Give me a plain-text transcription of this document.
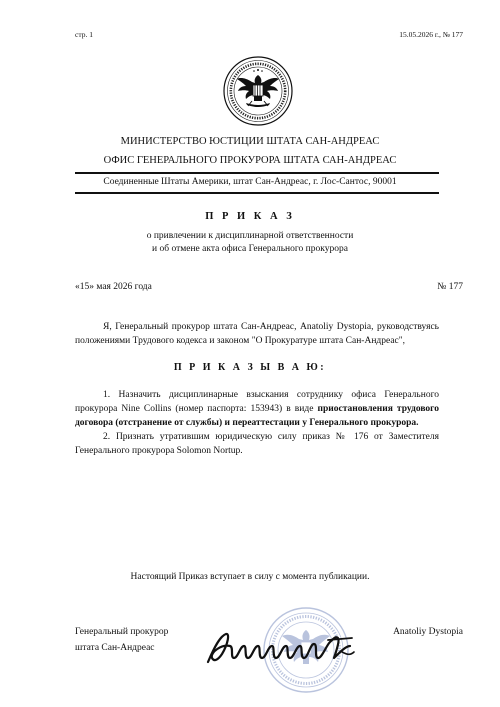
стр. 1	15.05.2026 г., № 177
МИНИСТЕРСТВО ЮСТИЦИИ ШТАТА САН-АНДРЕАС
ОФИС ГЕНЕРАЛЬНОГО ПРОКУРОРА ШТАТА САН-АНДРЕАС
Соединенные Штаты Америки, штат Сан-Андреас, г. Лос-Сантос, 90001
П Р И К А З
о привлечении к дисциплинарной ответственности
и об отмене акта офиса Генерального прокурора
«15» мая 2026 года	№ 177
Я, Генеральный прокурор штата Сан-Андреас, Anatoliy Dystopia, руководствуясь положениями Трудового кодекса и законом "О Прокуратуре штата Сан-Андреас",
П Р И К А З Ы В А Ю:
1. Назначить дисциплинарные взыскания сотруднику офиса Генерального прокурора Nine Collins (номер паспорта: 153943) в виде приостановления трудового договора (отстранение от службы) и переаттестации у Генерального прокурора.
2. Признать утратившим юридическую силу приказ № 176 от Заместителя Генерального прокурора Solomon Nortup.
Настоящий Приказ вступает в силу с момента публикации.
Генеральный прокурор
штата Сан-Андреас
Anatoliy Dystopia
